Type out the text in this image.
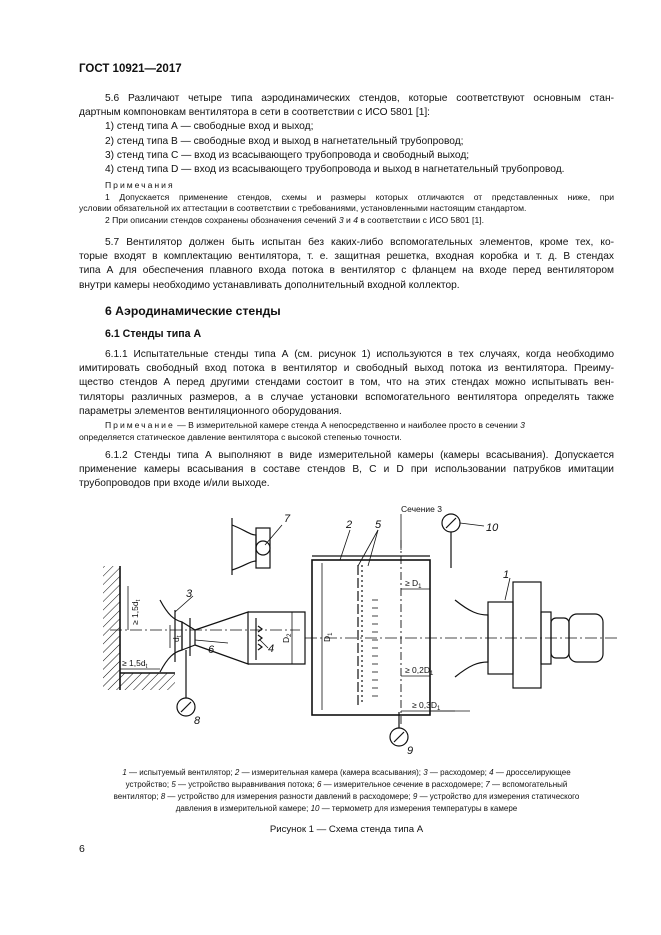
ГОСТ 10921—2017

5.6 Различают четыре типа аэродинамических стендов, которые соответствуют основным стан-

дартным компоновкам вентилятора в сети в соответствии с ИСО 5801 [1]:

1) стенд типа А — свободные вход и выход;

2) стенд типа В — свободные вход и выход в нагнетательный трубопровод;

3) стенд типа С — вход из всасывающего трубопровода и свободный выход;

4) стенд типа D — вход из всасывающего трубопровода и выход в нагнетательный трубопровод.

Примечания

1 Допускается применение стендов, схемы и размеры которых отличаются от представленных ниже, при

условии обязательной их аттестации в соответствии с требованиями, установленными настоящим стандартом.

2 При описании стендов сохранены обозначения сечений 3 и 4 в соответствии с ИСО 5801 [1].

5.7 Вентилятор должен быть испытан без каких-либо вспомогательных элементов, кроме тех, ко-

торые входят в комплектацию вентилятора, т. е. защитная решетка, входная коробка и т. д. В стендах

типа А для обеспечения плавного входа потока в вентилятор с фланцем на входе перед вентилятором

внутри камеры необходимо устанавливать дополнительный входной коллектор.

6 Аэродинамические стенды
6.1 Стенды типа А

6.1.1 Испытательные стенды типа А (см. рисунок 1) используются в тех случаях, когда необходимо

имитировать свободный вход потока в вентилятор и свободный выход потока из вентилятора. Преиму-

щество стендов А перед другими стендами состоит в том, что на этих стендах можно испытывать вен-

тиляторы различных размеров, а в случае установки вспомогательного вентилятора определять также

параметры элементов вентиляционного оборудования.

Примечание — В измерительной камере стенда А непосредственно и наиболее просто в сечении 3

определяется статическое давление вентилятора с высокой степенью точности.

6.1.2 Стенды типа А выполняют в виде измерительной камеры (камеры всасывания). Допускается

применение камеры всасывания в составе стендов В, С и D при использовании патрубков имитации

трубопроводов при входе и/или выходе.

Сечение 3
7	2 5	10
3
1
4
6
8
9
≥ $D_1$
≥ $0,2D_1$
≥ $0,3D_1$
≥ $1,5d_t$
≥ $1,5d_t$
$D_1$
$D_2$
$d_t$
1 — испытуемый вентилятор; 2 — измерительная камера (камера всасывания); 3 — расходомер; 4 — дросселирующее
устройство; 5 — устройство выравнивания потока; 6 — измерительное сечение в расходомере; 7 — вспомогательный
вентилятор; 8 — устройство для измерения разности давлений в расходомере; 9 — устройство для измерения статического
давления в измерительной камере; 10 — термометр для измерения температуры в камере
Рисунок 1 — Схема стенда типа А
6
